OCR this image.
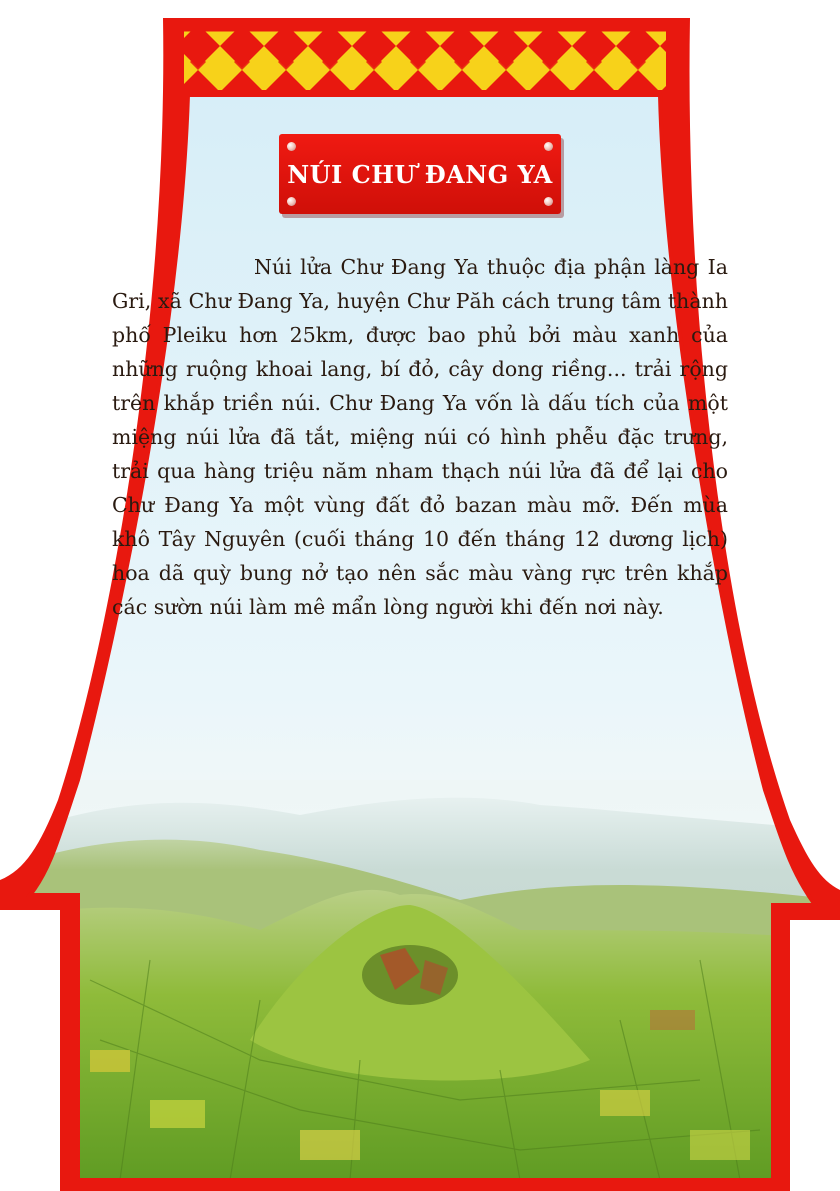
NÚI CHƯ ĐANG YA

Núi lửa Chư Đang Ya thuộc địa phận làng Ia Gri, xã Chư Đang Ya, huyện Chư Păh cách trung tâm thành phố Pleiku hơn 25km, được bao phủ bởi màu xanh của những ruộng khoai lang, bí đỏ, cây dong riềng... trải rộng trên khắp triền núi. Chư Đang Ya vốn là dấu tích của một miệng núi lửa đã tắt, miệng núi có hình phễu đặc trưng, trải qua hàng triệu năm nham thạch núi lửa đã để lại cho Chư Đang Ya một vùng đất đỏ bazan màu mỡ. Đến mùa khô Tây Nguyên (cuối tháng 10 đến tháng 12 dương lịch) hoa dã quỳ bung nở tạo nên sắc màu vàng rực trên khắp các sườn núi làm mê mẩn lòng người khi đến nơi này.
